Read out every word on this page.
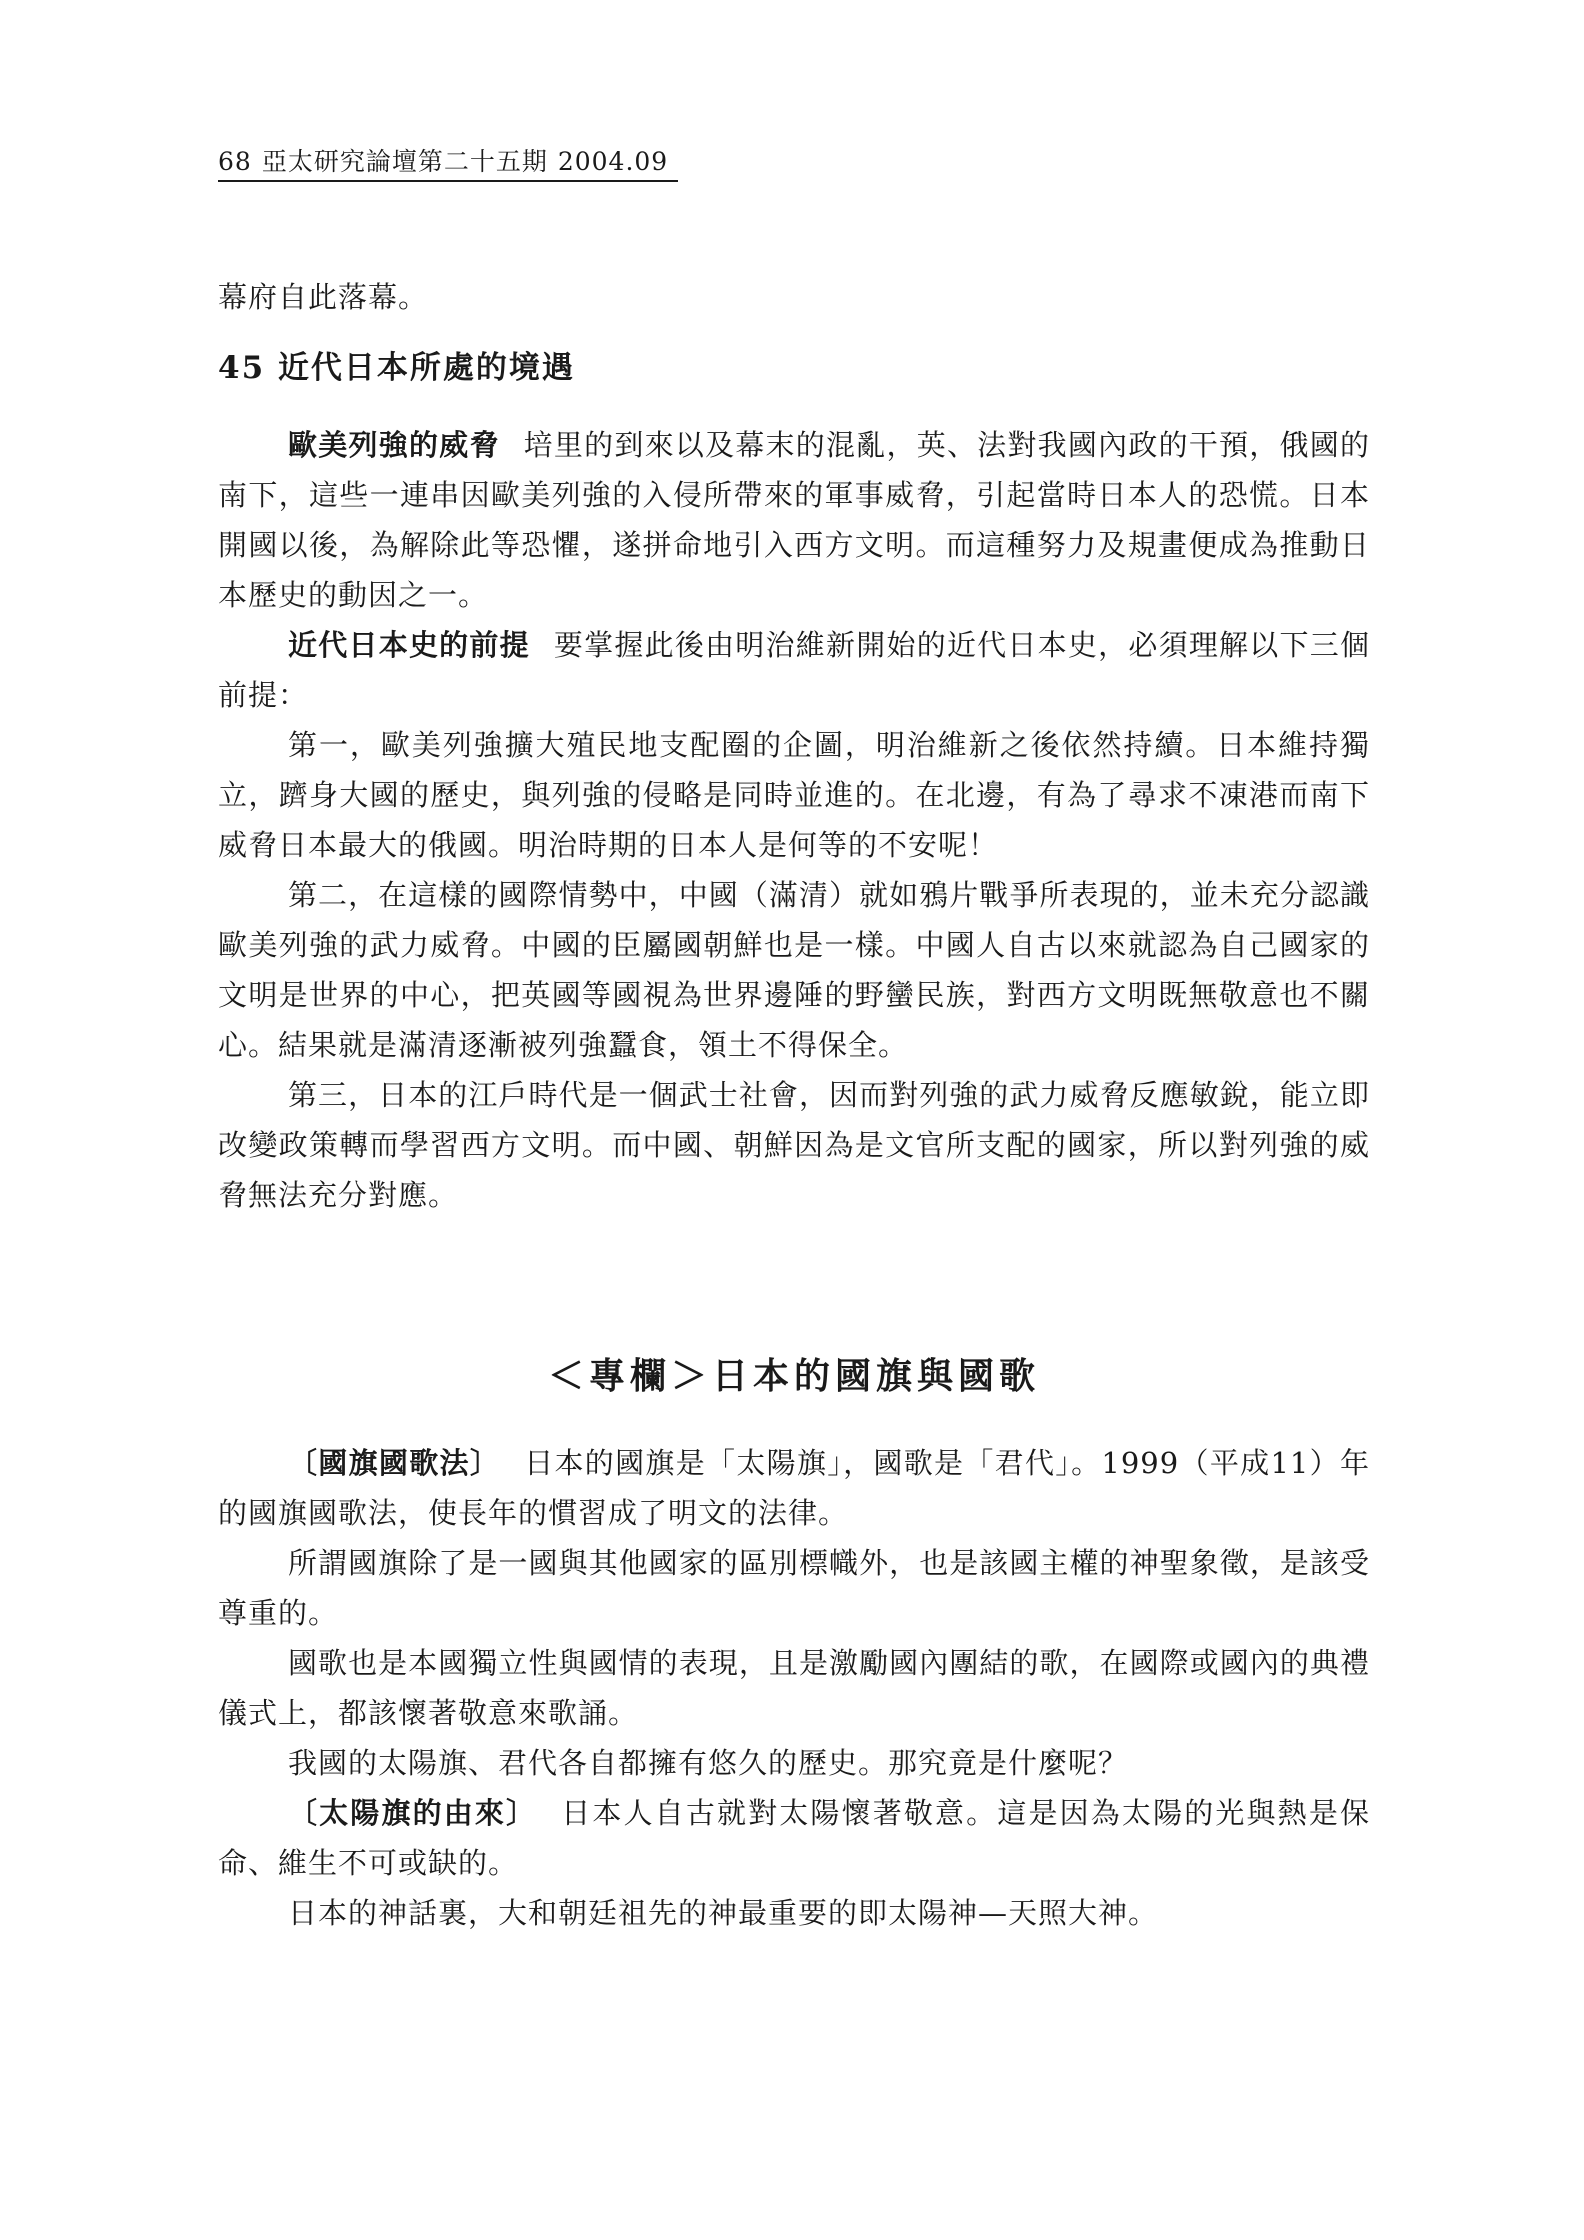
68 亞太研究論壇第二十五期 2004.09

幕府自此落幕。

45 近代日本所處的境遇

歐美列強的威脅 培里的到來以及幕末的混亂，英、法對我國內政的干預，俄國的南下，這些一連串因歐美列強的入侵所帶來的軍事威脅，引起當時日本人的恐慌。日本開國以後，為解除此等恐懼，遂拼命地引入西方文明。而這種努力及規畫便成為推動日本歷史的動因之一。

近代日本史的前提 要掌握此後由明治維新開始的近代日本史，必須理解以下三個前提：

第一，歐美列強擴大殖民地支配圈的企圖，明治維新之後依然持續。日本維持獨立，躋身大國的歷史，與列強的侵略是同時並進的。在北邊，有為了尋求不凍港而南下威脅日本最大的俄國。明治時期的日本人是何等的不安呢！

第二，在這樣的國際情勢中，中國（滿清）就如鴉片戰爭所表現的，並未充分認識歐美列強的武力威脅。中國的臣屬國朝鮮也是一樣。中國人自古以來就認為自己國家的文明是世界的中心，把英國等國視為世界邊陲的野蠻民族，對西方文明既無敬意也不關心。結果就是滿清逐漸被列強蠶食，領土不得保全。

第三，日本的江戶時代是一個武士社會，因而對列強的武力威脅反應敏銳，能立即改變政策轉而學習西方文明。而中國、朝鮮因為是文官所支配的國家，所以對列強的威脅無法充分對應。

＜專欄＞日本的國旗與國歌

〔國旗國歌法〕 日本的國旗是「太陽旗」，國歌是「君代」。1999（平成11）年的國旗國歌法，使長年的慣習成了明文的法律。

所謂國旗除了是一國與其他國家的區別標幟外，也是該國主權的神聖象徵，是該受尊重的。

國歌也是本國獨立性與國情的表現，且是激勵國內團結的歌，在國際或國內的典禮儀式上，都該懷著敬意來歌誦。

我國的太陽旗、君代各自都擁有悠久的歷史。那究竟是什麼呢？

〔太陽旗的由來〕 日本人自古就對太陽懷著敬意。這是因為太陽的光與熱是保命、維生不可或缺的。

日本的神話裏，大和朝廷祖先的神最重要的即太陽神—天照大神。
